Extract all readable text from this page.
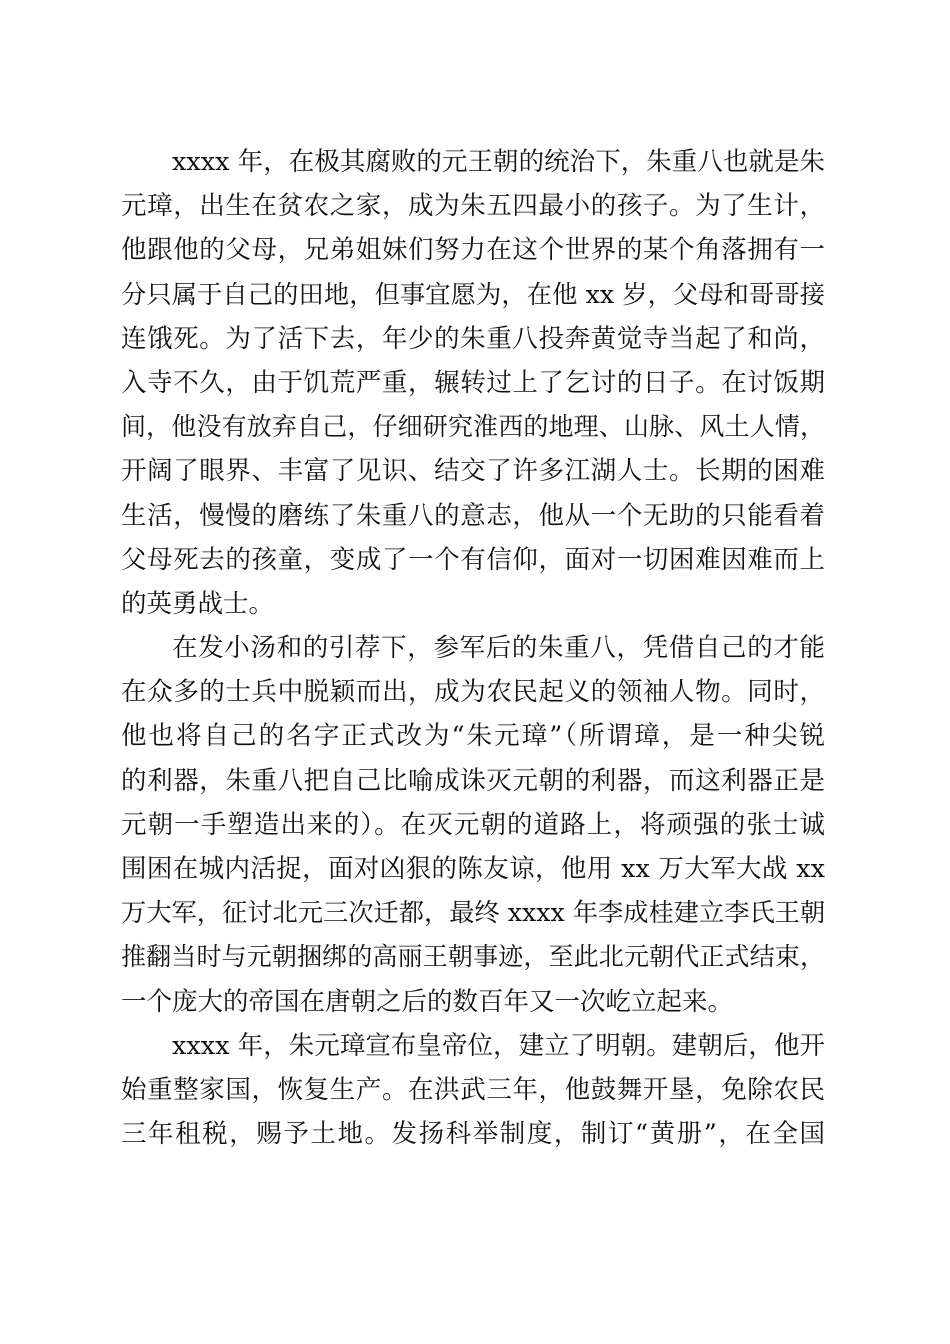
xxxx 年，在极其腐败的元王朝的统治下，朱重八也就是朱
元璋，出生在贫农之家，成为朱五四最小的孩子。为了生计，
他跟他的父母，兄弟姐妹们努力在这个世界的某个角落拥有一
分只属于自己的田地，但事宜愿为，在他 xx 岁，父母和哥哥接
连饿死。为了活下去，年少的朱重八投奔黄觉寺当起了和尚，
入寺不久，由于饥荒严重，辗转过上了乞讨的日子。在讨饭期
间，他没有放弃自己，仔细研究淮西的地理、山脉、风土人情，
开阔了眼界、丰富了见识、结交了许多江湖人士。长期的困难
生活，慢慢的磨练了朱重八的意志，他从一个无助的只能看着
父母死去的孩童，变成了一个有信仰，面对一切困难因难而上
的英勇战士。
在发小汤和的引荐下，参军后的朱重八，凭借自己的才能
在众多的士兵中脱颖而出，成为农民起义的领袖人物。同时，
他也将自己的名字正式改为“朱元璋”（所谓璋，是一种尖锐
的利器，朱重八把自己比喻成诛灭元朝的利器，而这利器正是
元朝一手塑造出来的）。在灭元朝的道路上，将顽强的张士诚
围困在城内活捉，面对凶狠的陈友谅，他用 xx 万大军大战 xx
万大军，征讨北元三次迁都，最终 xxxx 年李成桂建立李氏王朝
推翻当时与元朝捆绑的高丽王朝事迹，至此北元朝代正式结束，
一个庞大的帝国在唐朝之后的数百年又一次屹立起来。
xxxx 年，朱元璋宣布皇帝位，建立了明朝。建朝后，他开
始重整家国，恢复生产。在洪武三年，他鼓舞开垦，免除农民
三年租税，赐予土地。发扬科举制度，制订“黄册”，在全国
